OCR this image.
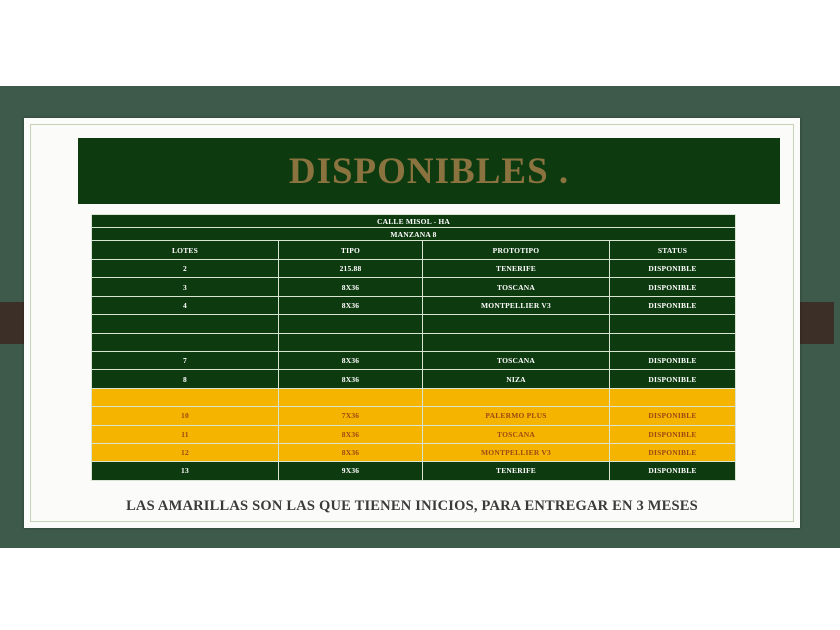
DISPONIBLES .
CALLE MISOL - HA			
MANZANA 8			
LOTES	TIPO	PROTOTIPO	STATUS
2	215.88	TENERIFE	DISPONIBLE
3	8X36	TOSCANA	DISPONIBLE
4	8X36	MONTPELLIER V3	DISPONIBLE

7	8X36	TOSCANA	DISPONIBLE
8	8X36	NIZA	DISPONIBLE

10	7X36	PALERMO PLUS	DISPONIBLE
11	8X36	TOSCANA	DISPONIBLE
12	8X36	MONTPELLIER V3	DISPONIBLE
13	9X36	TENERIFE	DISPONIBLE
LAS AMARILLAS SON LAS QUE TIENEN INICIOS, PARA ENTREGAR EN 3 MESES
